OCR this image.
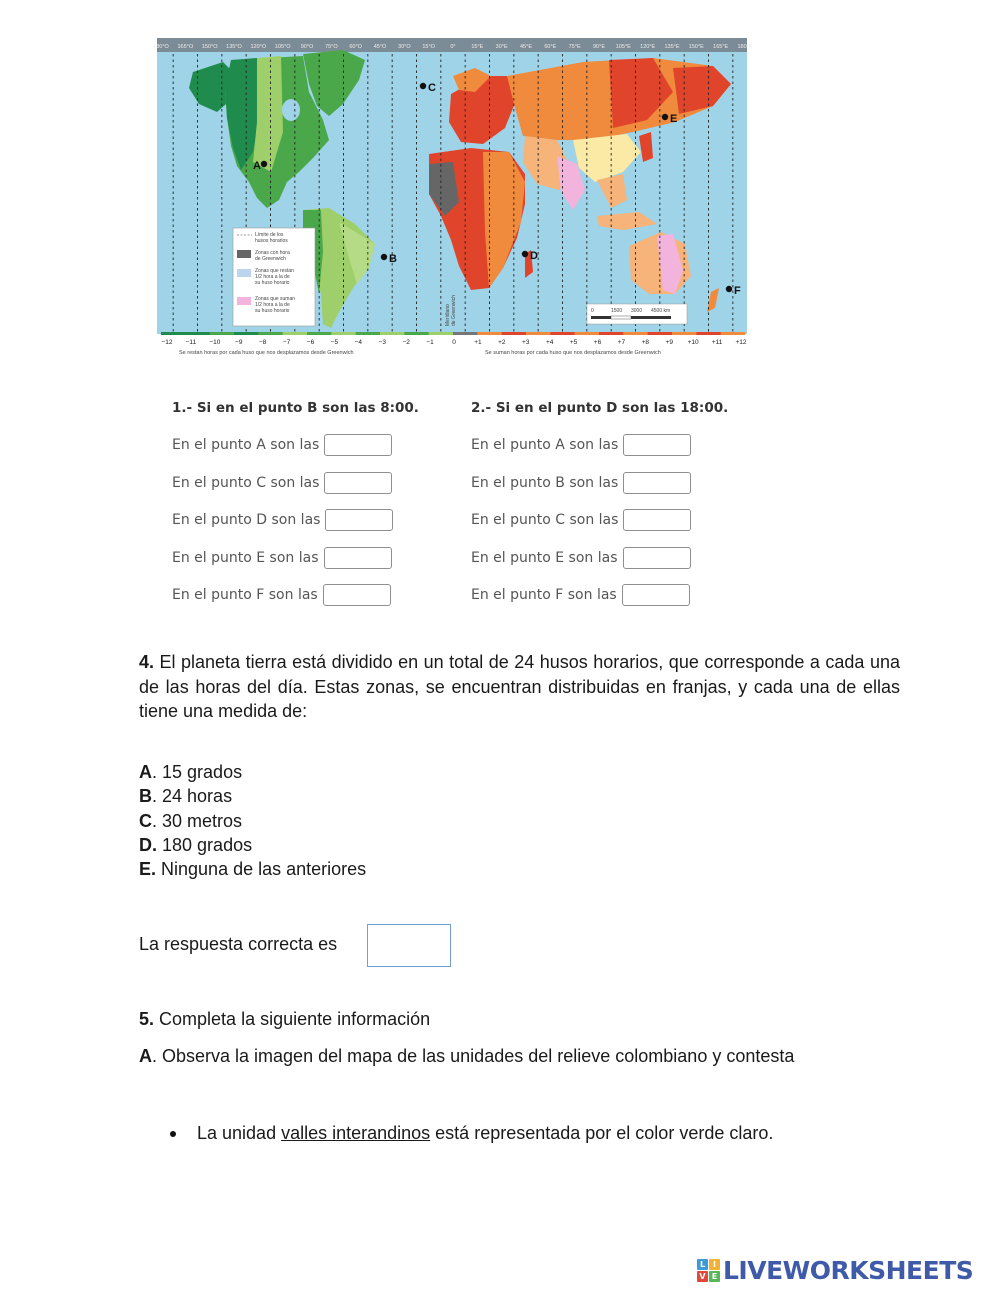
180°O 165°O 150°O 135°O 120°O 105°O 90°O 75°O 60°O 45°O 30°O 15°O	0°	15°E 30°E 45°E 60°E 75°E 90°E 105°E 120°E 135°E 150°E 165°E 180°E
Meridiano de Greenwich
Límite de los
husos horarios
Zonas con hora
de Greenwich
Zonas que restan
1/2 hora a la de
su huso horario
Zonas que suman
1/2 hora a la de
su huso horario	0	1500 3000 4500 km
A
B
C
D
E
F
−12 −11 −10 −9	−8	−7	−6	−5	−4	−3	−2	−1	0	+1	+2	+3	+4	+5	+6	+7	+8	+9 +10 +11 +12
Se restan horas por cada huso que nos desplazamos desde Greenwich	Se suman horas por cada huso que nos desplazamos desde Greenwich
1.- Si en el punto B son las 8:00.
En el punto A son las
En el punto C son las
En el punto D son las
En el punto E son las
En el punto F son las
2.- Si en el punto D son las 18:00.
En el punto A son las
En el punto B son las
En el punto C son las
En el punto E son las
En el punto F son las
4. El planeta tierra está dividido en un total de 24 husos horarios, que corresponde a cada una de las horas del día. Estas zonas, se encuentran distribuidas en franjas, y cada una de ellas tiene una medida de:
A. 15 grados
B. 24 horas
C. 30 metros
D. 180 grados
E. Ninguna de las anteriores
La respuesta correcta es
5. Completa la siguiente información
A. Observa la imagen del mapa de las unidades del relieve colombiano y contesta
La unidad valles interandinos está representada por el color verde claro.
L I
V E LIVEWORKSHEETS
